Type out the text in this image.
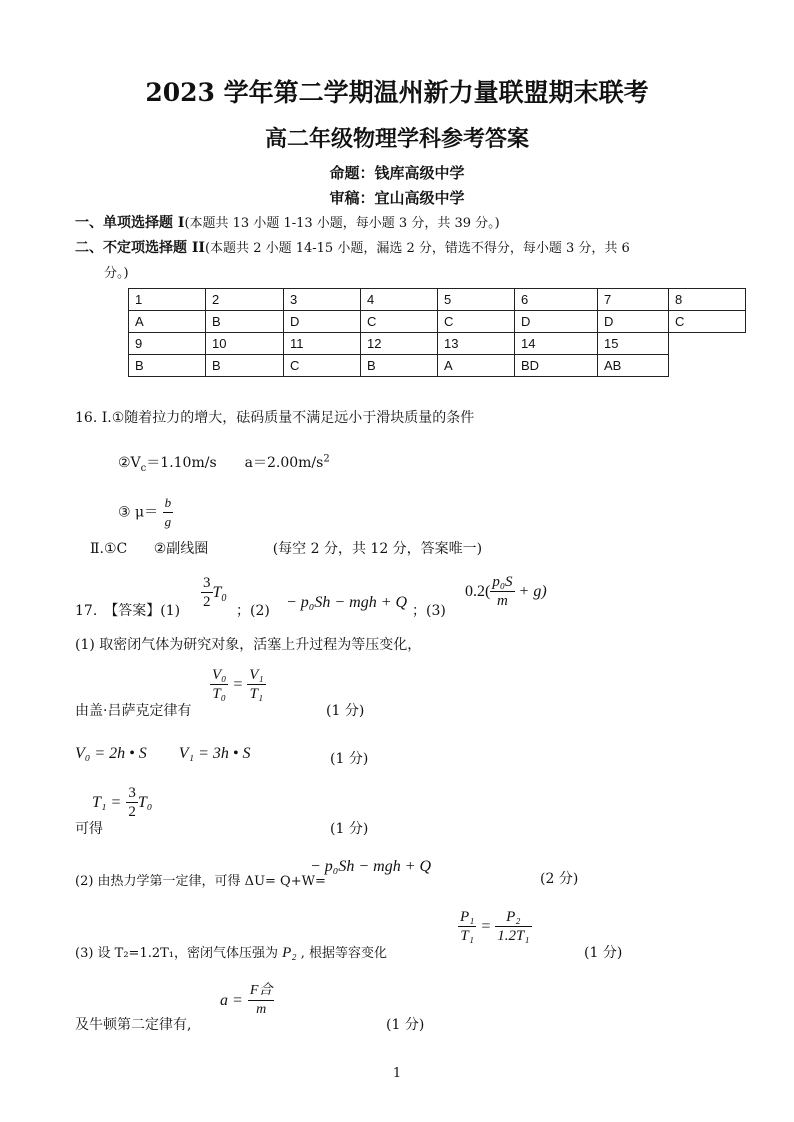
2023 学年第二学期温州新力量联盟期末联考
高二年级物理学科参考答案
命题：钱库高级中学
审稿：宜山高级中学
一、单项选择题 I(本题共 13 小题 1-13 小题，每小题 3 分，共 39 分。)
二、不定项选择题 II(本题共 2 小题 14-15 小题，漏选 2 分，错选不得分，每小题 3 分，共 6
分。)
1	2	3	4	5	6	7	8
A	B	D	C	C	D	D	C
9	10	11	12	13	14	15	
B	B	C	B	A	BD	AB	
16. Ⅰ.①随着拉力的增大，砝码质量不满足远小于滑块质量的条件
$②V_c=1.10m/s$　　$a=2.00m/s^2$
③ $\mu= \frac{b}{g}$
Ⅱ.①C ②副线圈	(每空 2 分，共 12 分，答案唯一)
17.　【答案】$(1) \frac{3}{2} T_0$
；(2) − p₀Sh − mgh + Q ；(3)
$0.2( \frac{\text{p₀S}}{m} + g)$
(1) 取密闭气体为研究对象，活塞上升过程为等压变化，
$\frac{\text{V₀}}{\text{T₀}} = \frac{\text{V₁}}{\text{T₁}}$
由盖·吕萨克定律有	(1 分)
V₀ = 2h • S　　V₁ = 3h • S	(1 分)
$T_1 = \frac{3}{2} T_0$
可得	(1 分)
(2) 由热力学第一定律，可得 ΔU= Q+W=
− p₀Sh − mgh + Q
(2 分)
(3) 设 T₂=1.2T₁，密闭气体压强为 P₂ , 根据等容变化
$\frac{\text{P₁}}{\text{T₁}} = \frac{\text{P₂}}{\text{1.2T₁}}$
(1 分)
$a = \frac{\text{F合}}{m}$
及牛顿第二定律有,	(1 分)
1
